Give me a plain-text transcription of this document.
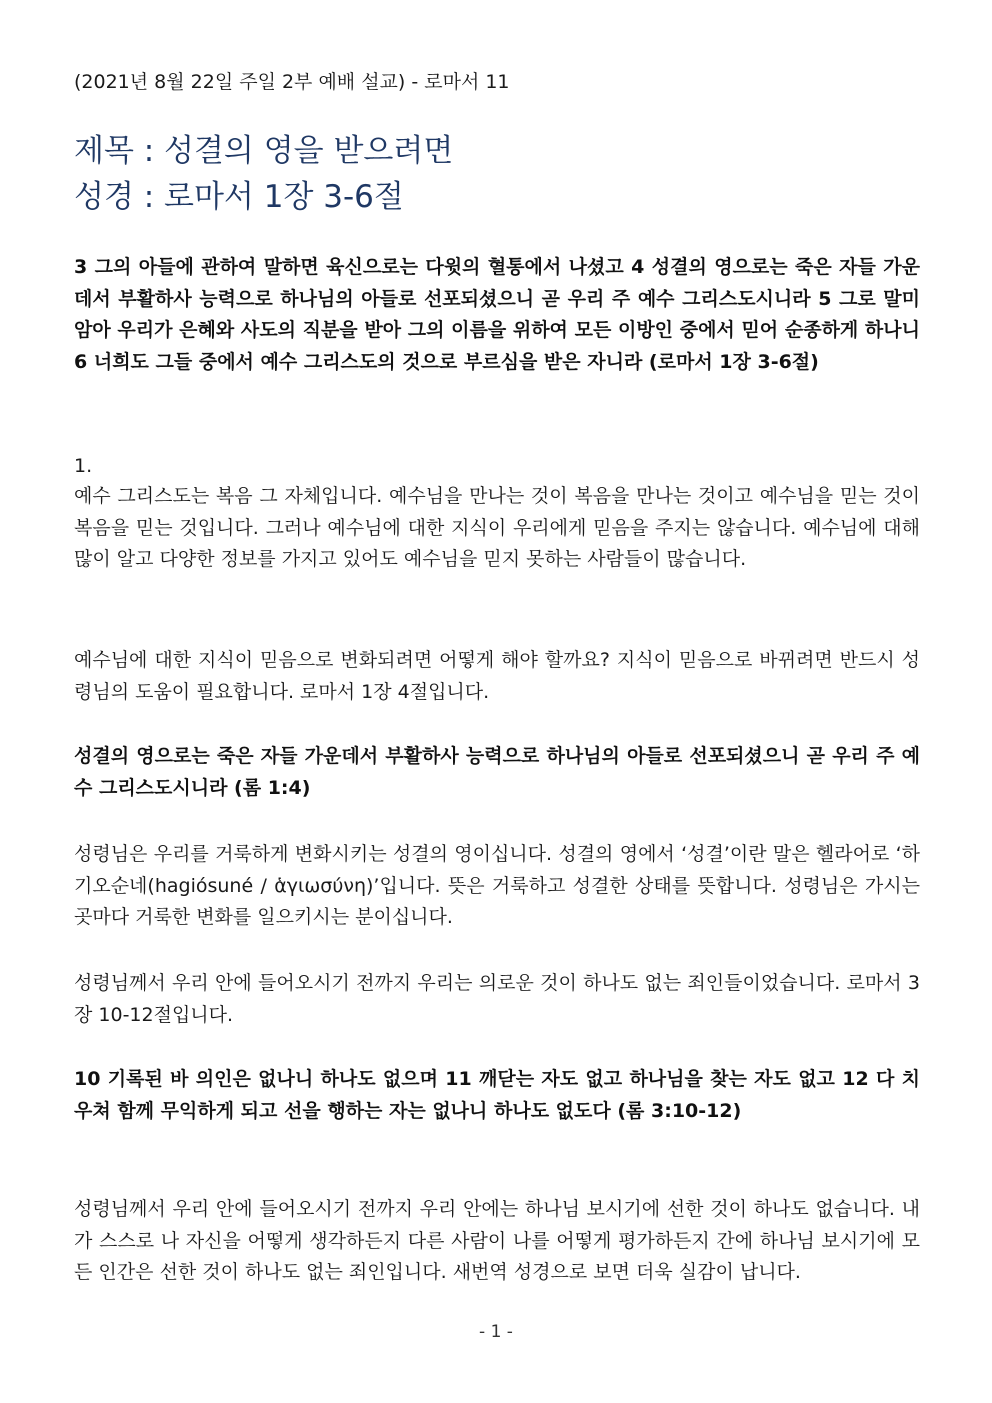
(2021년 8월 22일 주일 2부 예배 설교) - 로마서 11
제목 : 성결의 영을 받으려면
성경 : 로마서 1장 3-6절

3 그의 아들에 관하여 말하면 육신으로는 다윗의 혈통에서 나셨고 4 성결의 영으로는 죽은 자들 가운데서 부활하사 능력으로 하나님의 아들로 선포되셨으니 곧 우리 주 예수 그리스도시니라 5 그로 말미암아 우리가 은혜와 사도의 직분을 받아 그의 이름을 위하여 모든 이방인 중에서 믿어 순종하게 하나니 6 너희도 그들 중에서 예수 그리스도의 것으로 부르심을 받은 자니라 (로마서 1장 3-6절)

1.

예수 그리스도는 복음 그 자체입니다. 예수님을 만나는 것이 복음을 만나는 것이고 예수님을 믿는 것이 복음을 믿는 것입니다. 그러나 예수님에 대한 지식이 우리에게 믿음을 주지는 않습니다. 예수님에 대해 많이 알고 다양한 정보를 가지고 있어도 예수님을 믿지 못하는 사람들이 많습니다.

예수님에 대한 지식이 믿음으로 변화되려면 어떻게 해야 할까요? 지식이 믿음으로 바뀌려면 반드시 성령님의 도움이 필요합니다. 로마서 1장 4절입니다.

성결의 영으로는 죽은 자들 가운데서 부활하사 능력으로 하나님의 아들로 선포되셨으니 곧 우리 주 예수 그리스도시니라 (롬 1:4)

성령님은 우리를 거룩하게 변화시키는 성결의 영이십니다. 성결의 영에서 ‘성결’이란 말은 헬라어로 ‘하기오순네(hagiósuné / ἁγιωσύνη)’입니다. 뜻은 거룩하고 성결한 상태를 뜻합니다. 성령님은 가시는 곳마다 거룩한 변화를 일으키시는 분이십니다.

성령님께서 우리 안에 들어오시기 전까지 우리는 의로운 것이 하나도 없는 죄인들이었습니다. 로마서 3장 10-12절입니다.

10 기록된 바 의인은 없나니 하나도 없으며 11 깨닫는 자도 없고 하나님을 찾는 자도 없고 12 다 치우쳐 함께 무익하게 되고 선을 행하는 자는 없나니 하나도 없도다 (롬 3:10-12)

성령님께서 우리 안에 들어오시기 전까지 우리 안에는 하나님 보시기에 선한 것이 하나도 없습니다. 내가 스스로 나 자신을 어떻게 생각하든지 다른 사람이 나를 어떻게 평가하든지 간에 하나님 보시기에 모든 인간은 선한 것이 하나도 없는 죄인입니다. 새번역 성경으로 보면 더욱 실감이 납니다.

- 1 -
